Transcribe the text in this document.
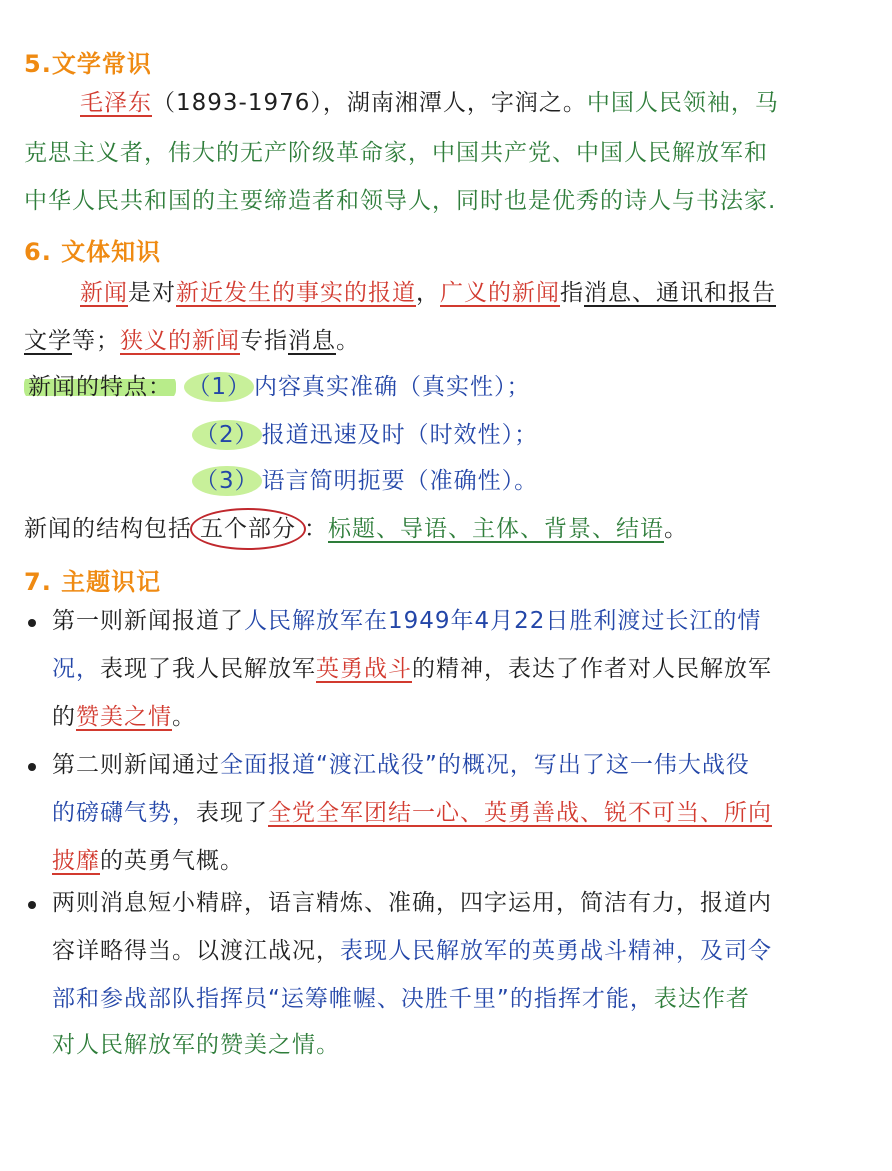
5.文学常识
毛泽东（1893-1976），湖南湘潭人，字润之。中国人民领袖，马
克思主义者，伟大的无产阶级革命家，中国共产党、中国人民解放军和
中华人民共和国的主要缔造者和领导人，同时也是优秀的诗人与书法家.
6. 文体知识
新闻是对新近发生的事实的报道，广义的新闻指消息、通讯和报告
文学等；狭义的新闻专指消息。
新闻的特点： （1） 内容真实准确（真实性）；
（2） 报道迅速及时（时效性）；
（3） 语言简明扼要（准确性）。
新闻的结构包括 五个部分 ：标题、导语、主体、背景、结语。
7. 主题识记
第一则新闻报道了人民解放军在1949年4月22日胜利渡过长江的情
况，表现了我人民解放军英勇战斗的精神，表达了作者对人民解放军
的赞美之情。
第二则新闻通过全面报道“渡江战役”的概况，写出了这一伟大战役
的磅礴气势，表现了全党全军团结一心、英勇善战、锐不可当、所向
披靡的英勇气概。
两则消息短小精辟，语言精炼、准确，四字运用，简洁有力，报道内
容详略得当。以渡江战况，表现人民解放军的英勇战斗精神，及司令
部和参战部队指挥员“运筹帷幄、决胜千里”的指挥才能，表达作者
对人民解放军的赞美之情。
